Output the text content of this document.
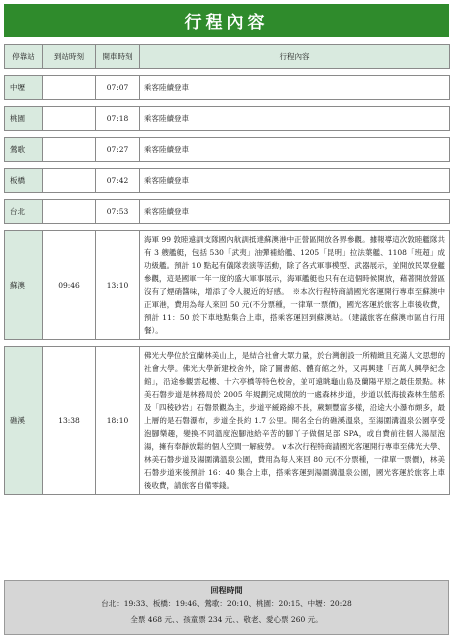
行程內容
停靠站	到站時刻	開車時刻	行程內容

中壢		07:07	乘客陸續登車

桃園		07:18	乘客陸續登車

鶯歌		07:27	乘客陸續登車

板橋		07:42	乘客陸續登車

台北		07:53	乘客陸續登車

蘇澳	09:46	13:10	海軍 99 敦睦遠訓支隊國內航訓抵達蘇澳港中正營區開放各界參觀。據報導這次敦睦艦隊共有 3 艘艦艇，包括 530「武夷」油彈補給艦、1205「昆明」拉法葉艦、1108「班超」成功級艦。預計 10 點起有儀隊表演等活動，除了各式軍事模型、武器展示，並開放民眾登艦參觀，這是國軍一年一度的盛大軍事展示，海軍艦艇也只有在這個時候開放，藉著開放營區沒有了煙硝醬味，增添了令人親近的好感。　※本次行程特商請國光客運開行專車至蘇澳中正軍港，費用為每人來回 50 元(不分票種，一律單一票價)，國光客運於旅客上車後收費，預計 11：50 於下車地點集合上車，搭乘客運回到蘇澳站。（建議旅客在蘇澳市區自行用餐）。

礁溪	13:38	18:10	佛光大學位於宜蘭林美山上，是結合社會大眾力量，於台灣創設一所精緻且充滿人文思想的社會大學。佛光大學新建校舍外，除了圖書館、體育館之外，又再興建「百萬人興學紀念館」，沿途參觀雲起樓、十六亭橋等特色校舍，並可遠眺龜山島及蘭陽平原之最佳景點。林美石磐步道是林務局於 2005 年規劃完成開放的一處森林步道，步道以低海拔森林生態系及「四稜砂岩」石磐景觀為主，步道平緩路線不長，蕨類豐富多樣，沿途大小瀑布頗多，最上層的是石磐瀑布，步道全長約 1.7 公里。開名全台的礁溪溫泉，至湯圍溝溫泉公園享受泡腳樂趣，變換不同溫度泡腳池給辛苦的腳丫子做個足部 SPA，或自費前往個人湯屋泡湯，擁有奉靜放鬆的個人空間一解疲勞。 ∨本次行程特商請國光客運開行專車至佛光大學、林美石磐步道及湯圍溝溫泉公園，費用為每人來回 80 元(不分票種，一律單一票價)，林美石磐步道來後預計 16：40 集合上車，搭乘客運到湯圍溝溫泉公園，國光客運於旅客上車後收費，請旅客自備零錢。
回程時間
台北：19:33、板橋：19:46、鶯歌：20:10、桃園：20:15、中壢：20:28
全票 468 元、、孩童票 234 元、、敬老、愛心票 260 元。
